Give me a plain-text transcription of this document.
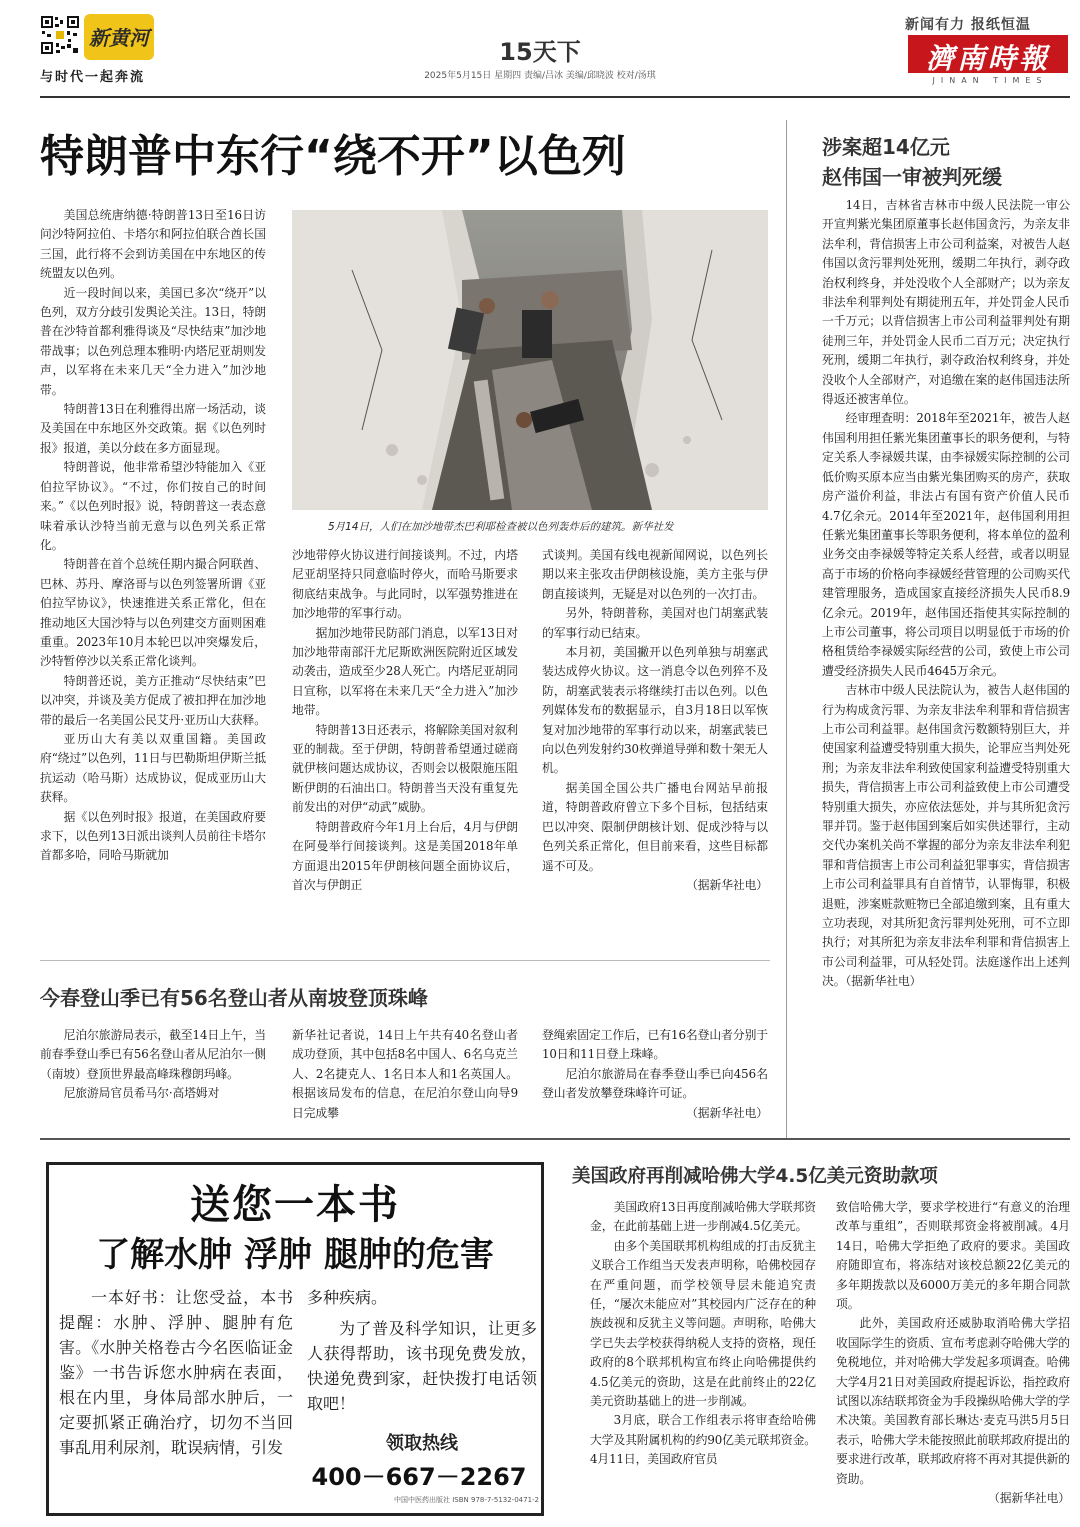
新黄河
与时代一起奔流
15天下
2025年5月15日 星期四 责编/吕冰 美编/邱晓波 校对/汤琪
新闻有力 报纸恒温
濟南時報
JINAN TIMES
特朗普中东行“绕不开”以色列

美国总统唐纳德·特朗普13日至16日访问沙特阿拉伯、卡塔尔和阿拉伯联合酋长国三国，此行将不会到访美国在中东地区的传统盟友以色列。

近一段时间以来，美国已多次“绕开”以色列，双方分歧引发舆论关注。13日，特朗普在沙特首都利雅得谈及“尽快结束”加沙地带战事；以色列总理本雅明·内塔尼亚胡则发声，以军将在未来几天“全力进入”加沙地带。

特朗普13日在利雅得出席一场活动，谈及美国在中东地区外交政策。据《以色列时报》报道，美以分歧在多方面显现。

特朗普说，他非常希望沙特能加入《亚伯拉罕协议》。“不过，你们按自己的时间来。”《以色列时报》说，特朗普这一表态意味着承认沙特当前无意与以色列关系正常化。

特朗普在首个总统任期内撮合阿联酋、巴林、苏丹、摩洛哥与以色列签署所谓《亚伯拉罕协议》，快速推进关系正常化，但在推动地区大国沙特与以色列建交方面则困难重重。2023年10月本轮巴以冲突爆发后，沙特暂停沙以关系正常化谈判。

特朗普还说，美方正推动“尽快结束”巴以冲突，并谈及美方促成了被扣押在加沙地带的最后一名美国公民艾丹·亚历山大获释。

亚历山大有美以双重国籍。美国政府“绕过”以色列，11日与巴勒斯坦伊斯兰抵抗运动（哈马斯）达成协议，促成亚历山大获释。

据《以色列时报》报道，在美国政府要求下，以色列13日派出谈判人员前往卡塔尔首都多哈，同哈马斯就加

5月14日，人们在加沙地带杰巴利耶检查被以色列轰炸后的建筑。新华社发

沙地带停火协议进行间接谈判。不过，内塔尼亚胡坚持只同意临时停火，而哈马斯要求彻底结束战争。与此同时，以军强势推进在加沙地带的军事行动。

据加沙地带民防部门消息，以军13日对加沙地带南部汗尤尼斯欧洲医院附近区域发动袭击，造成至少28人死亡。内塔尼亚胡同日宣称，以军将在未来几天“全力进入”加沙地带。

特朗普13日还表示，将解除美国对叙利亚的制裁。至于伊朗，特朗普希望通过磋商就伊核问题达成协议，否则会以极限施压阻断伊朗的石油出口。特朗普当天没有重复先前发出的对伊“动武”威胁。

特朗普政府今年1月上台后，4月与伊朗在阿曼举行间接谈判。这是美国2018年单方面退出2015年伊朗核问题全面协议后，首次与伊朗正

式谈判。美国有线电视新闻网说，以色列长期以来主张攻击伊朗核设施，美方主张与伊朗直接谈判，无疑是对以色列的一次打击。

另外，特朗普称，美国对也门胡塞武装的军事行动已结束。

本月初，美国撇开以色列单独与胡塞武装达成停火协议。这一消息令以色列猝不及防，胡塞武装表示将继续打击以色列。以色列媒体发布的数据显示，自3月18日以军恢复对加沙地带的军事行动以来，胡塞武装已向以色列发射约30枚弹道导弹和数十架无人机。

据美国全国公共广播电台网站早前报道，特朗普政府曾立下多个目标，包括结束巴以冲突、限制伊朗核计划、促成沙特与以色列关系正常化，但目前来看，这些目标都遥不可及。

（据新华社电）
涉案超14亿元
赵伟国一审被判死缓

14日，吉林省吉林市中级人民法院一审公开宣判紫光集团原董事长赵伟国贪污，为亲友非法牟利，背信损害上市公司利益案，对被告人赵伟国以贪污罪判处死刑，缓期二年执行，剥夺政治权利终身，并处没收个人全部财产；以为亲友非法牟利罪判处有期徒刑五年，并处罚金人民币一千万元；以背信损害上市公司利益罪判处有期徒刑三年，并处罚金人民币二百万元；决定执行死刑，缓期二年执行，剥夺政治权利终身，并处没收个人全部财产，对追缴在案的赵伟国违法所得返还被害单位。

经审理查明：2018年至2021年，被告人赵伟国利用担任紫光集团董事长的职务便利，与特定关系人李禄媛共谋，由李禄媛实际控制的公司低价购买原本应当由紫光集团购买的房产，获取房产溢价利益，非法占有国有资产价值人民币4.7亿余元。2014年至2021年，赵伟国利用担任紫光集团董事长等职务便利，将本单位的盈利业务交由李禄媛等特定关系人经营，或者以明显高于市场的价格向李禄媛经营管理的公司购买代建管理服务，造成国家直接经济损失人民币8.9亿余元。2019年，赵伟国还指使其实际控制的上市公司董事，将公司项目以明显低于市场的价格租赁给李禄媛实际经营的公司，致使上市公司遭受经济损失人民币4645万余元。

吉林市中级人民法院认为，被告人赵伟国的行为构成贪污罪、为亲友非法牟利罪和背信损害上市公司利益罪。赵伟国贪污数额特别巨大，并使国家利益遭受特别重大损失，论罪应当判处死刑；为亲友非法牟利致使国家利益遭受特别重大损失，背信损害上市公司利益致使上市公司遭受特别重大损失，亦应依法惩处，并与其所犯贪污罪并罚。鉴于赵伟国到案后如实供述罪行，主动交代办案机关尚不掌握的部分为亲友非法牟利犯罪和背信损害上市公司利益犯罪事实，背信损害上市公司利益罪具有自首情节，认罪悔罪，积极退赃，涉案赃款赃物已全部追缴到案，且有重大立功表现，对其所犯贪污罪判处死刑，可不立即执行；对其所犯为亲友非法牟利罪和背信损害上市公司利益罪，可从轻处罚。法庭遂作出上述判决。（据新华社电）

今春登山季已有56名登山者从南坡登顶珠峰

尼泊尔旅游局表示，截至14日上午，当前春季登山季已有56名登山者从尼泊尔一侧（南坡）登顶世界最高峰珠穆朗玛峰。

尼旅游局官员希马尔·高塔姆对

新华社记者说，14日上午共有40名登山者成功登顶，其中包括8名中国人、6名乌克兰人、2名捷克人、1名日本人和1名英国人。根据该局发布的信息，在尼泊尔登山向导9日完成攀

登绳索固定工作后，已有16名登山者分别于10日和11日登上珠峰。

尼泊尔旅游局在春季登山季已向456名登山者发放攀登珠峰许可证。

（据新华社电）
送您一本书
了解水肿 浮肿 腿肿的危害
一本好书：让您受益，本书提醒：水肿、浮肿、腿肿有危害。《水肿关格卷古今名医临证金鉴》一书告诉您水肿病在表面，根在内里，身体局部水肿后，一定要抓紧正确治疗，切勿不当回事乱用利尿剂，耽误病情，引发
多种疾病。
为了普及科学知识，让更多人获得帮助，该书现免费发放，快递免费到家，赶快拨打电话领取吧！
领取热线
400－667－2267
中国中医药出版社 ISBN 978-7-5132-0471-2
美国政府再削减哈佛大学4.5亿美元资助款项

美国政府13日再度削减哈佛大学联邦资金，在此前基础上进一步削减4.5亿美元。

由多个美国联邦机构组成的打击反犹主义联合工作组当天发表声明称，哈佛校园存在严重问题，而学校领导层未能追究责任，“屡次未能应对”其校园内广泛存在的种族歧视和反犹主义等问题。声明称，哈佛大学已失去学校获得纳税人支持的资格，现任政府的8个联邦机构宣布终止向哈佛提供约4.5亿美元的资助，这是在此前终止的22亿美元资助基础上的进一步削减。

3月底，联合工作组表示将审查给哈佛大学及其附属机构的约90亿美元联邦资金。4月11日，美国政府官员

致信哈佛大学，要求学校进行“有意义的治理改革与重组”，否则联邦资金将被削减。4月14日，哈佛大学拒绝了政府的要求。美国政府随即宣布，将冻结对该校总额22亿美元的多年期拨款以及6000万美元的多年期合同款项。

此外，美国政府还威胁取消哈佛大学招收国际学生的资质、宣布考虑剥夺哈佛大学的免税地位，并对哈佛大学发起多项调查。哈佛大学4月21日对美国政府提起诉讼，指控政府试图以冻结联邦资金为手段操纵哈佛大学的学术决策。美国教育部长琳达·麦克马洪5月5日表示，哈佛大学未能按照此前联邦政府提出的要求进行改革，联邦政府将不再对其提供新的资助。

（据新华社电）
